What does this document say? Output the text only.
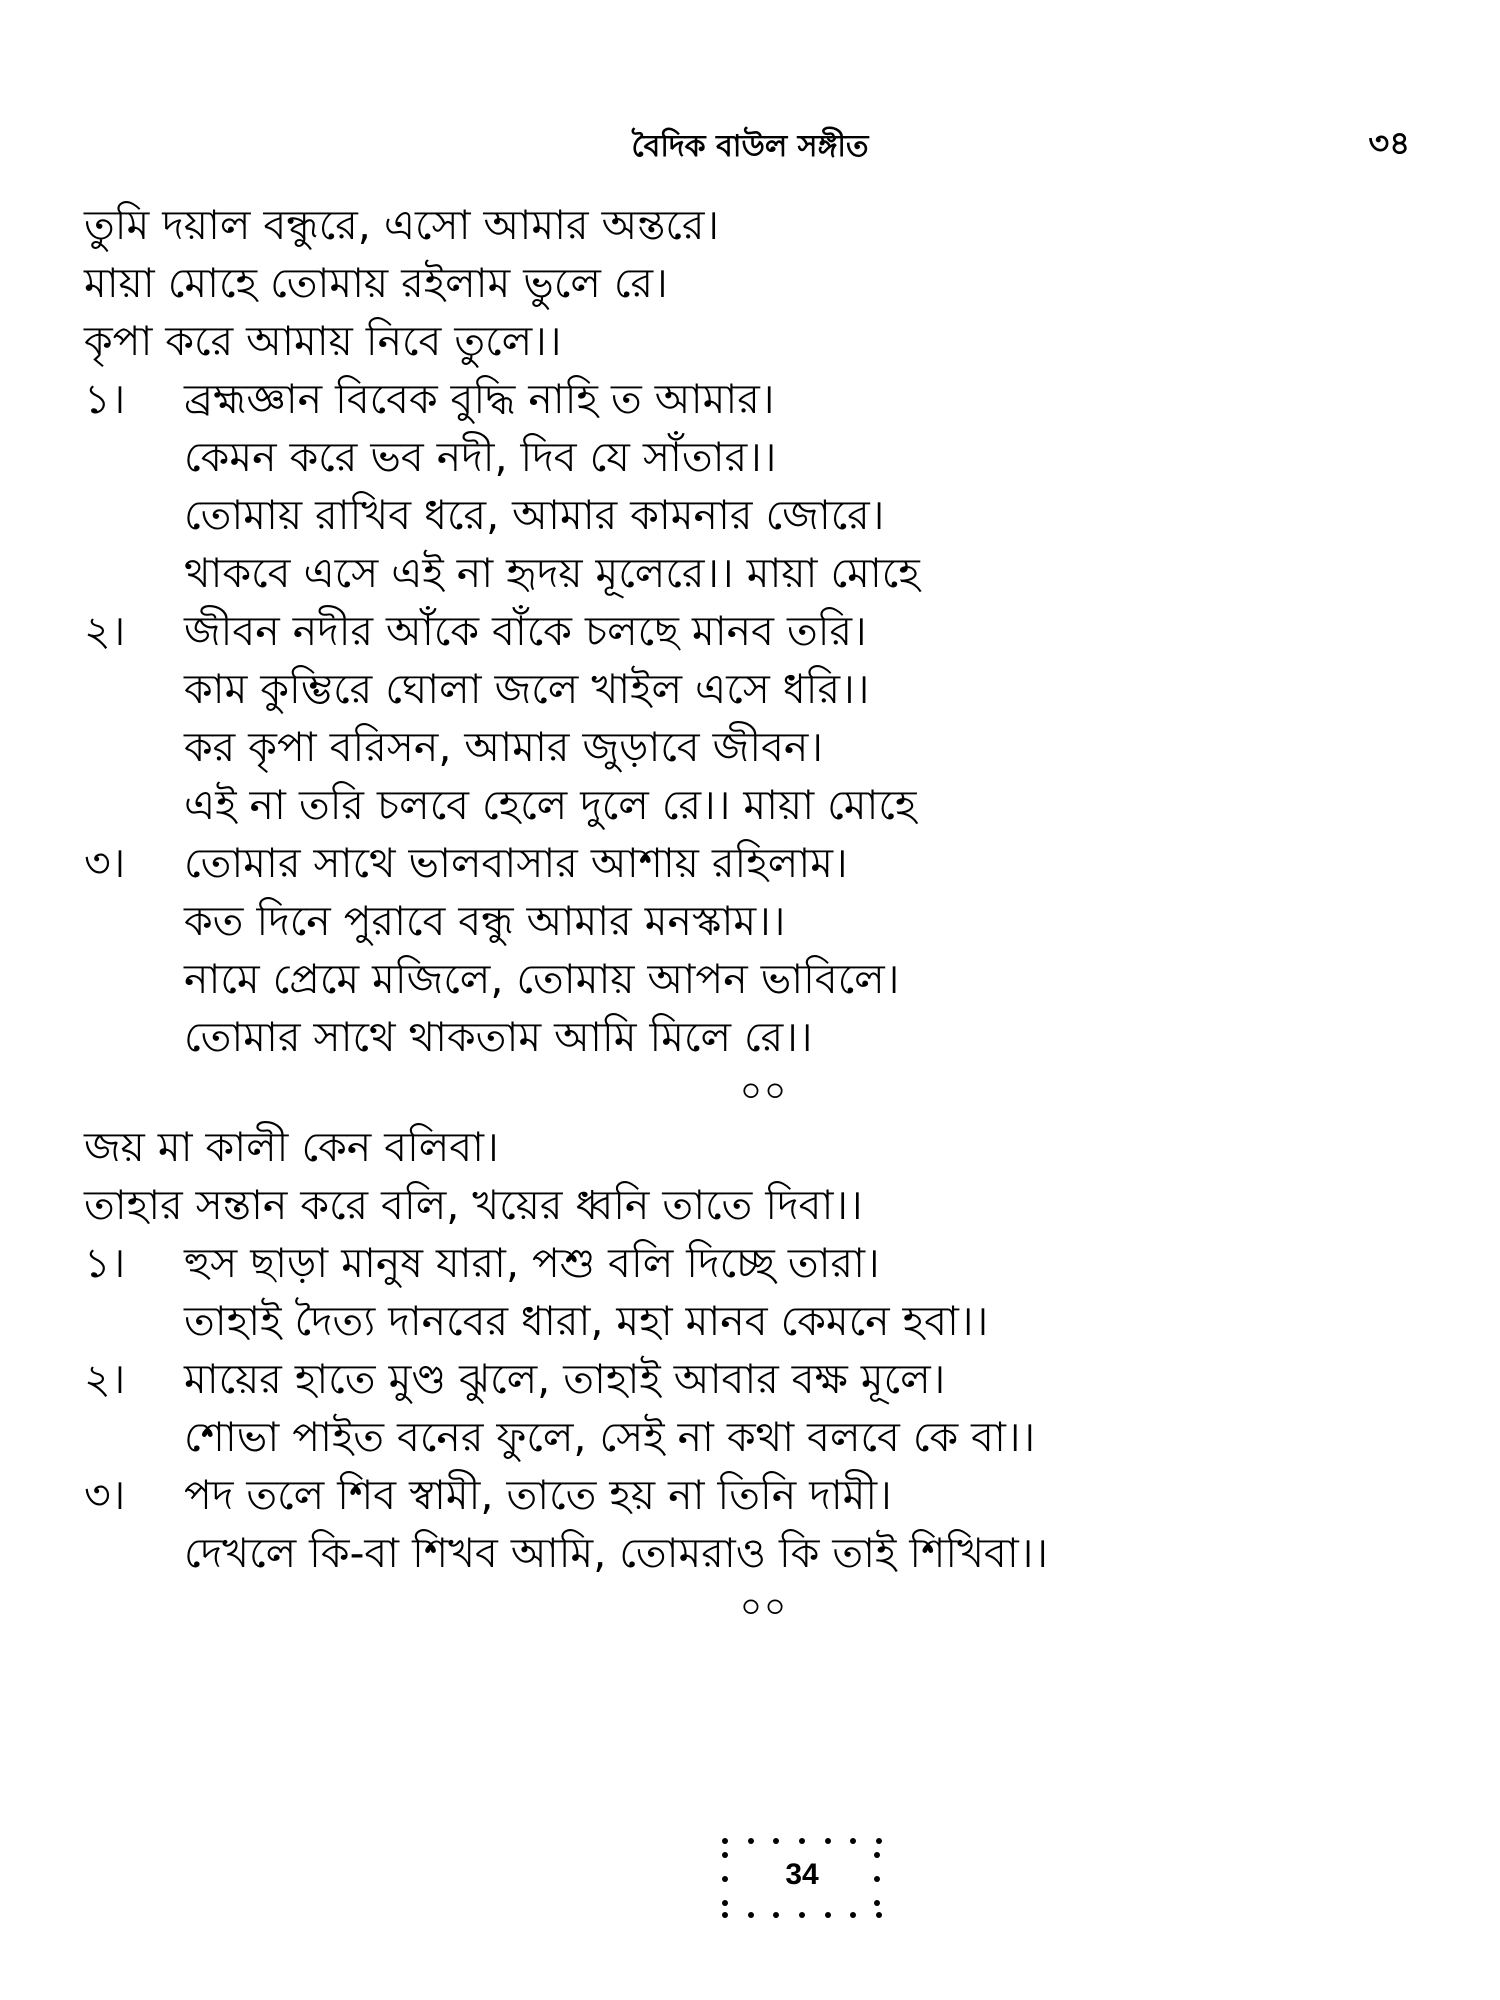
বৈদিক বাউল সঙ্গীত	৩৪
তুমি দয়াল বন্ধুরে, এসো আমার অন্তরে।
মায়া মোহে তোমায় রইলাম ভুলে রে।
কৃপা করে আমায় নিবে তুলে।।
১। ব্রহ্মজ্ঞান বিবেক বুদ্ধি নাহি ত আমার।
কেমন করে ভব নদী, দিব যে সাঁতার।।
তোমায় রাখিব ধরে, আমার কামনার জোরে।
থাকবে এসে এই না হৃদয় মূলেরে।। মায়া মোহে
২। জীবন নদীর আঁকে বাঁকে চলছে মানব তরি।
কাম কুম্ভিরে ঘোলা জলে খাইল এসে ধরি।।
কর কৃপা বরিসন, আমার জুড়াবে জীবন।
এই না তরি চলবে হেলে দুলে রে।। মায়া মোহে
৩। তোমার সাথে ভালবাসার আশায় রহিলাম।
কত দিনে পুরাবে বন্ধু আমার মনস্কাম।।
নামে প্রেমে মজিলে, তোমায় আপন ভাবিলে।
তোমার সাথে থাকতাম আমি মিলে রে।।
০০
জয় মা কালী কেন বলিবা।
তাহার সন্তান করে বলি, খয়ের ধ্বনি তাতে দিবা।।
১। হুস ছাড়া মানুষ যারা, পশু বলি দিচ্ছে তারা।
তাহাই দৈত্য দানবের ধারা, মহা মানব কেমনে হবা।।
২। মায়ের হাতে মুণ্ড ঝুলে, তাহাই আবার বক্ষ মূলে।
শোভা পাইত বনের ফুলে, সেই না কথা বলবে কে বা।।
৩। পদ তলে শিব স্বামী, তাতে হয় না তিনি দামী।
দেখলে কি-বা শিখব আমি, তোমরাও কি তাই শিখিবা।।
০০
34
